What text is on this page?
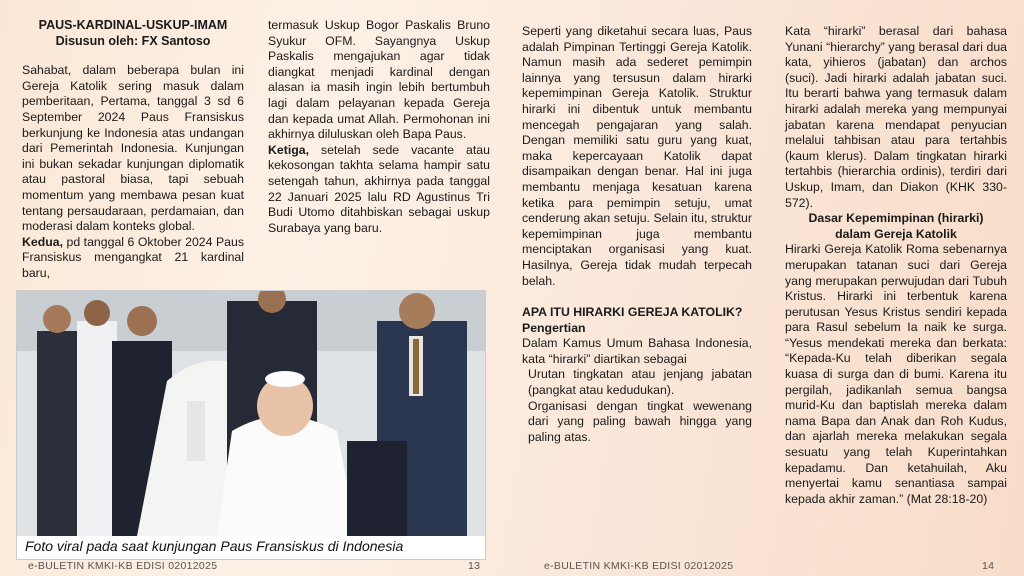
PAUS-KARDINAL-USKUP-IMAM
Disusun oleh: FX Santoso

Sahabat, dalam beberapa bulan ini Gereja Katolik sering masuk dalam pemberitaan, Pertama, tanggal 3 sd 6 September 2024 Paus Fransiskus berkunjung ke Indonesia atas undangan dari Pemerintah Indonesia. Kunjungan ini bukan sekadar kunjungan diplomatik atau pastoral biasa, tapi sebuah momentum yang membawa pesan kuat tentang persaudaraan, perdamaian, dan moderasi dalam konteks global.

Kedua, pd tanggal 6 Oktober 2024 Paus Fransiskus mengangkat 21 kardinal baru,

termasuk Uskup Bogor Paskalis Bruno Syukur OFM. Sayangnya Uskup Paskalis mengajukan agar tidak diangkat menjadi kardinal dengan alasan ia masih ingin lebih bertumbuh lagi dalam pelayanan kepada Gereja dan kepada umat Allah. Permohonan ini akhirnya diluluskan oleh Bapa Paus.

Ketiga, setelah sede vacante atau kekosongan takhta selama hampir satu setengah tahun, akhirnya pada tanggal 22 Januari 2025 lalu RD Agustinus Tri Budi Utomo ditahbiskan sebagai uskup Surabaya yang baru.

Foto viral pada saat kunjungan Paus Fransiskus di Indonesia
e-BULETIN KMKI-KB EDISI 02012025	13

Seperti yang diketahui secara luas, Paus adalah Pimpinan Tertinggi Gereja Katolik. Namun masih ada sederet pemimpin lainnya yang tersusun dalam hirarki kepemimpinan Gereja Katolik. Struktur hirarki ini dibentuk untuk membantu mencegah pengajaran yang salah. Dengan memiliki satu guru yang kuat, maka kepercayaan Katolik dapat disampaikan dengan benar. Hal ini juga membantu menjaga kesatuan karena ketika para pemimpin setuju, umat cenderung akan setuju. Selain itu, struktur kepemimpinan juga membantu menciptakan organisasi yang kuat. Hasilnya, Gereja tidak mudah terpecah belah.

APA ITU HIRARKI GEREJA KATOLIK?
Pengertian

Dalam Kamus Umum Bahasa Indonesia, kata “hirarki” diartikan sebagai

Urutan tingkatan atau jenjang jabatan (pangkat atau kedudukan).
Organisasi dengan tingkat wewenang dari yang paling bawah hingga yang paling atas.

Kata “hirarki” berasal dari bahasa Yunani “hierarchy” yang berasal dari dua kata, yihieros (jabatan) dan archos (suci). Jadi hirarki adalah jabatan suci. Itu berarti bahwa yang termasuk dalam hirarki adalah mereka yang mempunyai jabatan karena mendapat penyucian melalui tahbisan atau para tertahbis (kaum klerus). Dalam tingkatan hirarki tertahbis (hierarchia ordinis), terdiri dari Uskup, Imam, dan Diakon (KHK 330-572).

Dasar Kepemimpinan (hirarki)
dalam Gereja Katolik

Hirarki Gereja Katolik Roma sebenarnya merupakan tatanan suci dari Gereja yang merupakan perwujudan dari Tubuh Kristus. Hirarki ini terbentuk karena perutusan Yesus Kristus sendiri kepada para Rasul sebelum Ia naik ke surga. “Yesus mendekati mereka dan berkata: “Kepada-Ku telah diberikan segala kuasa di surga dan di bumi. Karena itu pergilah, jadikanlah semua bangsa murid-Ku dan baptislah mereka dalam nama Bapa dan Anak dan Roh Kudus, dan ajarlah mereka melakukan segala sesuatu yang telah Kuperintahkan kepadamu. Dan ketahuilah, Aku menyertai kamu senantiasa sampai kepada akhir zaman.” (Mat 28:18-20)

e-BULETIN KMKI-KB EDISI 02012025	14
